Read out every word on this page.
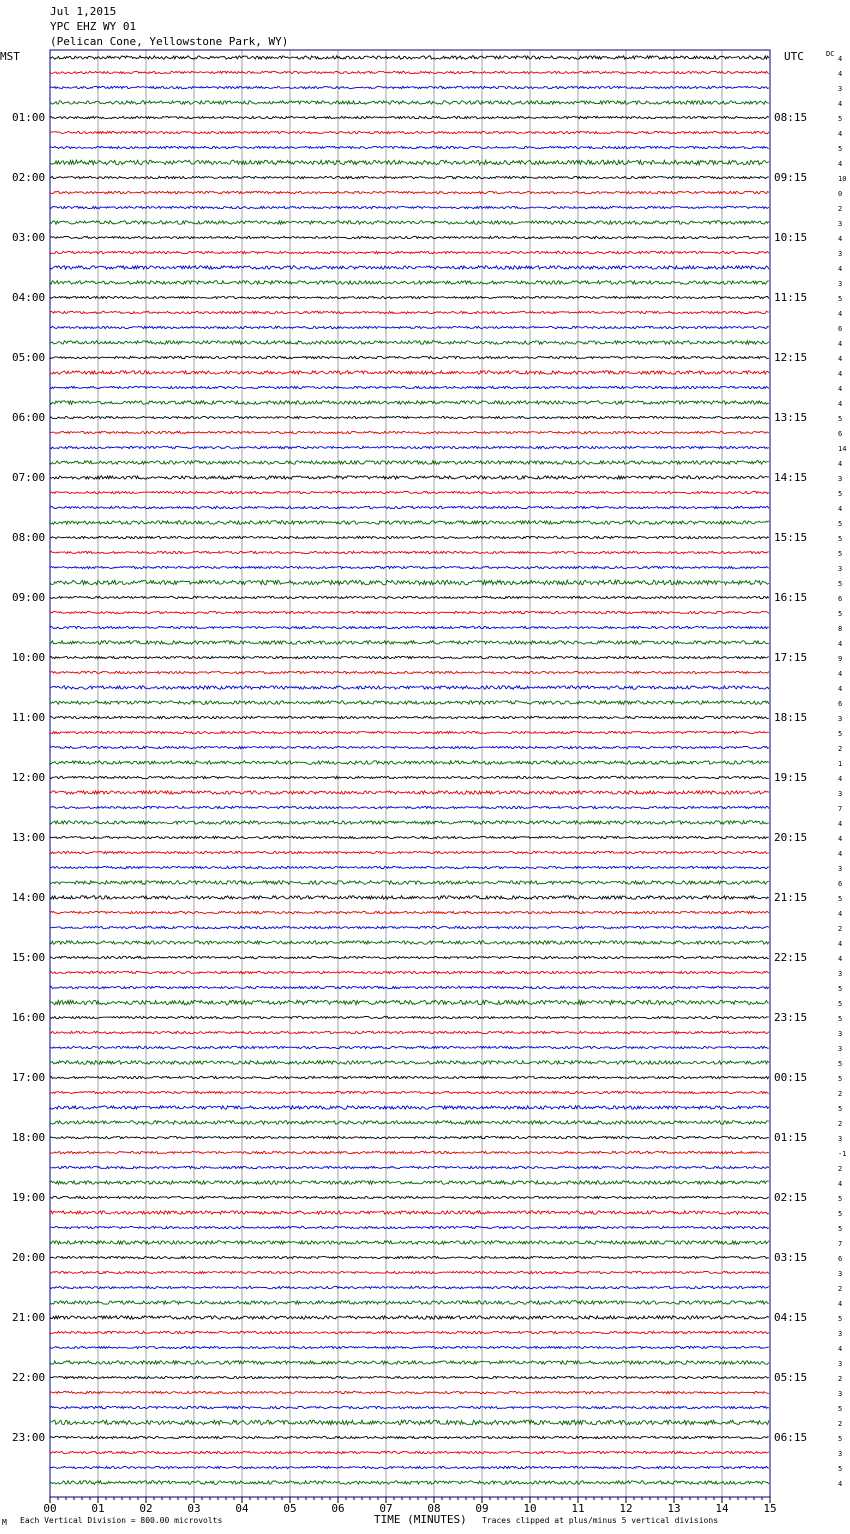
Jul 1,2015
YPC EHZ WY 01
(Pelican Cone, Yellowstone Park, WY)
MST	UTC	DC
00	01	02	03	04	05	06	07	08	09	10	11	12	13	14	15
4
4
3
4
5
4
5
4
10
0
2
3
4
3
4
3
5
4
6
4
4
4
4
4
5
6
14
4
3
5
4
5
5
5
3
5
6
5
8
4
9
4
4
6
3
5
2
1
4
3
7
4
4
4
3
6
5
4
2
4
4
3
5
5
5
3
3
5
5
2
5
2
3
-1
2
4
5
5
5
7
6
3
2
4
5
3
4
3
2
3
5
2
5
3
5
4
01:00	08:15
02:00	09:15
03:00	10:15
04:00	11:15
05:00	12:15
06:00	13:15
07:00	14:15
08:00	15:15
09:00	16:15
10:00	17:15
11:00	18:15
12:00	19:15
13:00	20:15
14:00	21:15
15:00	22:15
16:00	23:15
17:00	00:15
18:00	01:15
19:00	02:15
20:00	03:15
21:00	04:15
22:00	05:15
23:00	06:15
M Each Vertical Division = 800.00 microvolts	TIME (MINUTES) Traces clipped at plus/minus 5 vertical divisions
